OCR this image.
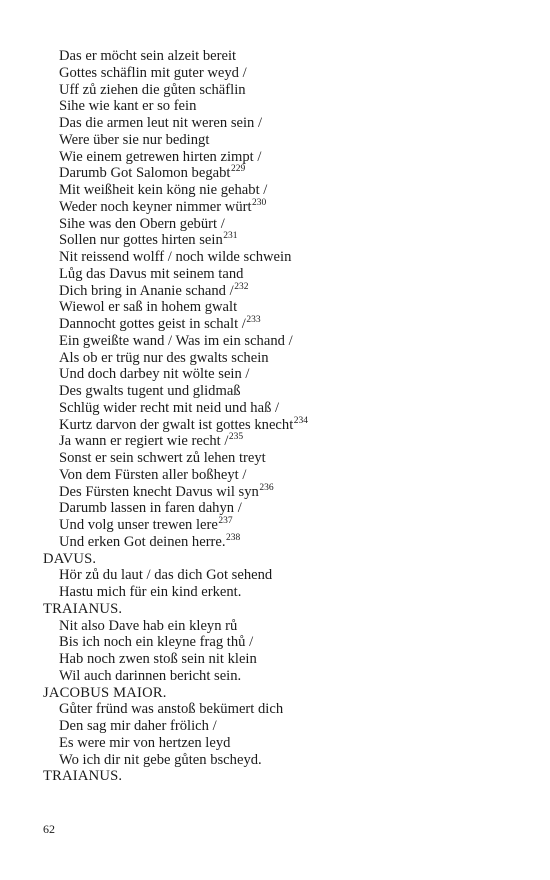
Das er möcht sein alzeit bereit
Gottes schäflin mit guter weyd /
Uff zů ziehen die gůten schäflin
Sihe wie kant er so fein
Das die armen leut nit weren sein /
Were über sie nur bedingt
Wie einem getrewen hirten zimpt /
Darumb Got Salomon begabt$^{229}$
Mit weißheit kein köng nie gehabt /
Weder noch keyner nimmer würt$^{230}$
Sihe was den Obern gebürt /
Sollen nur gottes hirten sein$^{231}$
Nit reissend wolff / noch wilde schwein
Lůg das Davus mit seinem tand
Dich bring in Ananie schand /$^{232}$
Wiewol er saß in hohem gwalt
Dannocht gottes geist in schalt /$^{233}$
Ein gweißte wand / Was im ein schand /
Als ob er trüg nur des gwalts schein
Und doch darbey nit wölte sein /
Des gwalts tugent und glidmaß
Schlüg wider recht mit neid und haß /
Kurtz darvon der gwalt ist gottes knecht$^{234}$
Ja wann er regiert wie recht /$^{235}$
Sonst er sein schwert zů lehen treyt
Von dem Fürsten aller boßheyt /
Des Fürsten knecht Davus wil syn$^{236}$
Darumb lassen in faren dahyn /
Und volg unser trewen lere$^{237}$
Und erken Got deinen herre.$^{238}$
DAVUS.
Hör zů du laut / das dich Got sehend
Hastu mich für ein kind erkent.
TRAIANUS.
Nit also Dave hab ein kleyn rů
Bis ich noch ein kleyne frag thů /
Hab noch zwen stoß sein nit klein
Wil auch darinnen bericht sein.
JACOBUS MAIOR.
Gůter fründ was anstoß bekümert dich
Den sag mir daher frölich /
Es were mir von hertzen leyd
Wo ich dir nit gebe gůten bscheyd.
TRAIANUS.
62
